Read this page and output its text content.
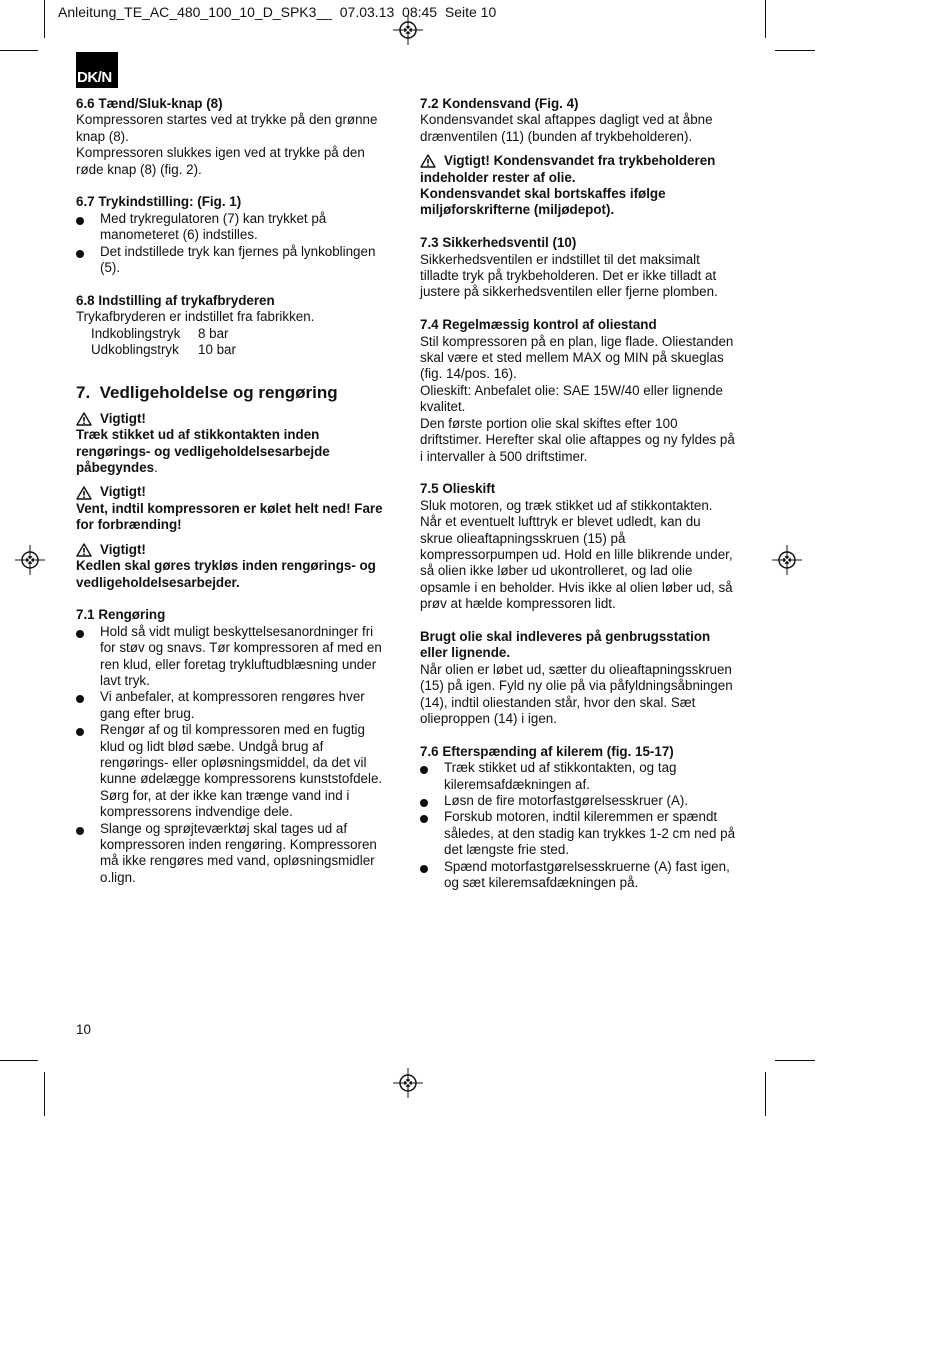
Anleitung_TE_AC_480_100_10_D_SPK3__  07.03.13  08:45  Seite 10
DK/N

6.6 Tænd/Sluk-knap (8)

Kompressoren startes ved at trykke på den grønne

knap (8).

Kompressoren slukkes igen ved at trykke på den

røde knap (8) (fig. 2).

6.7 Trykindstilling: (Fig. 1)

Med trykregulatoren (7) kan trykket på

manometeret (6) indstilles.

Det indstillede tryk kan fjernes på lynkoblingen

(5).

6.8 Indstilling af trykafbryderen

Trykafbryderen er indstillet fra fabrikken.

Indkoblingstryk	8 bar
Udkoblingstryk	10 bar

7.  Vedligeholdelse og rengøring

Vigtigt!

Træk stikket ud af stikkontakten inden

rengørings- og vedligeholdelsesarbejde

påbegyndes.

Vigtigt!

Vent, indtil kompressoren er kølet helt ned! Fare

for forbrænding!

Vigtigt!

Kedlen skal gøres trykløs inden rengørings- og

vedligeholdelsesarbejder.

7.1 Rengøring

Hold så vidt muligt beskyttelsesanordninger fri

for støv og snavs. Tør kompressoren af med en

ren klud, eller foretag trykluftudblæsning under

lavt tryk.

Vi anbefaler, at kompressoren rengøres hver

gang efter brug.

Rengør af og til kompressoren med en fugtig

klud og lidt blød sæbe. Undgå brug af

rengørings- eller opløsningsmiddel, da det vil

kunne ødelægge kompressorens kunststofdele.

Sørg for, at der ikke kan trænge vand ind i

kompressorens indvendige dele.

Slange og sprøjteværktøj skal tages ud af

kompressoren inden rengøring. Kompressoren

må ikke rengøres med vand, opløsningsmidler

o.lign.

7.2 Kondensvand (Fig. 4)

Kondensvandet skal aftappes dagligt ved at åbne

drænventilen (11) (bunden af trykbeholderen).

Vigtigt! Kondensvandet fra trykbeholderen

indeholder rester af olie.

Kondensvandet skal bortskaffes ifølge

miljøforskrifterne (miljødepot).

7.3 Sikkerhedsventil (10)

Sikkerhedsventilen er indstillet til det maksimalt

tilladte tryk på trykbeholderen. Det er ikke tilladt at

justere på sikkerhedsventilen eller fjerne plomben.

7.4 Regelmæssig kontrol af oliestand

Stil kompressoren på en plan, lige flade. Oliestanden

skal være et sted mellem MAX og MIN på skueglas

(fig. 14/pos. 16).

Olieskift: Anbefalet olie: SAE 15W/40 eller lignende

kvalitet.

Den første portion olie skal skiftes efter 100

driftstimer. Herefter skal olie aftappes og ny fyldes på

i intervaller à 500 driftstimer.

7.5 Olieskift

Sluk motoren, og træk stikket ud af stikkontakten.

Når et eventuelt lufttryk er blevet udledt, kan du

skrue olieaftapningsskruen (15) på

kompressorpumpen ud. Hold en lille blikrende under,

så olien ikke løber ud ukontrolleret, og lad olie

opsamle i en beholder. Hvis ikke al olien løber ud, så

prøv at hælde kompressoren lidt.

Brugt olie skal indleveres på genbrugsstation

eller lignende.

Når olien er løbet ud, sætter du olieaftapningsskruen

(15) på igen. Fyld ny olie på via påfyldningsåbningen

(14), indtil oliestanden står, hvor den skal. Sæt

olieproppen (14) i igen.

7.6 Efterspænding af kilerem (fig. 15-17)

Træk stikket ud af stikkontakten, og tag

kileremsafdækningen af.

Løsn de fire motorfastgørelsesskruer (A).

Forskub motoren, indtil kileremmen er spændt

således, at den stadig kan trykkes 1-2 cm ned på

det længste frie sted.

Spænd motorfastgørelsesskruerne (A) fast igen,

og sæt kileremsafdækningen på.

10
